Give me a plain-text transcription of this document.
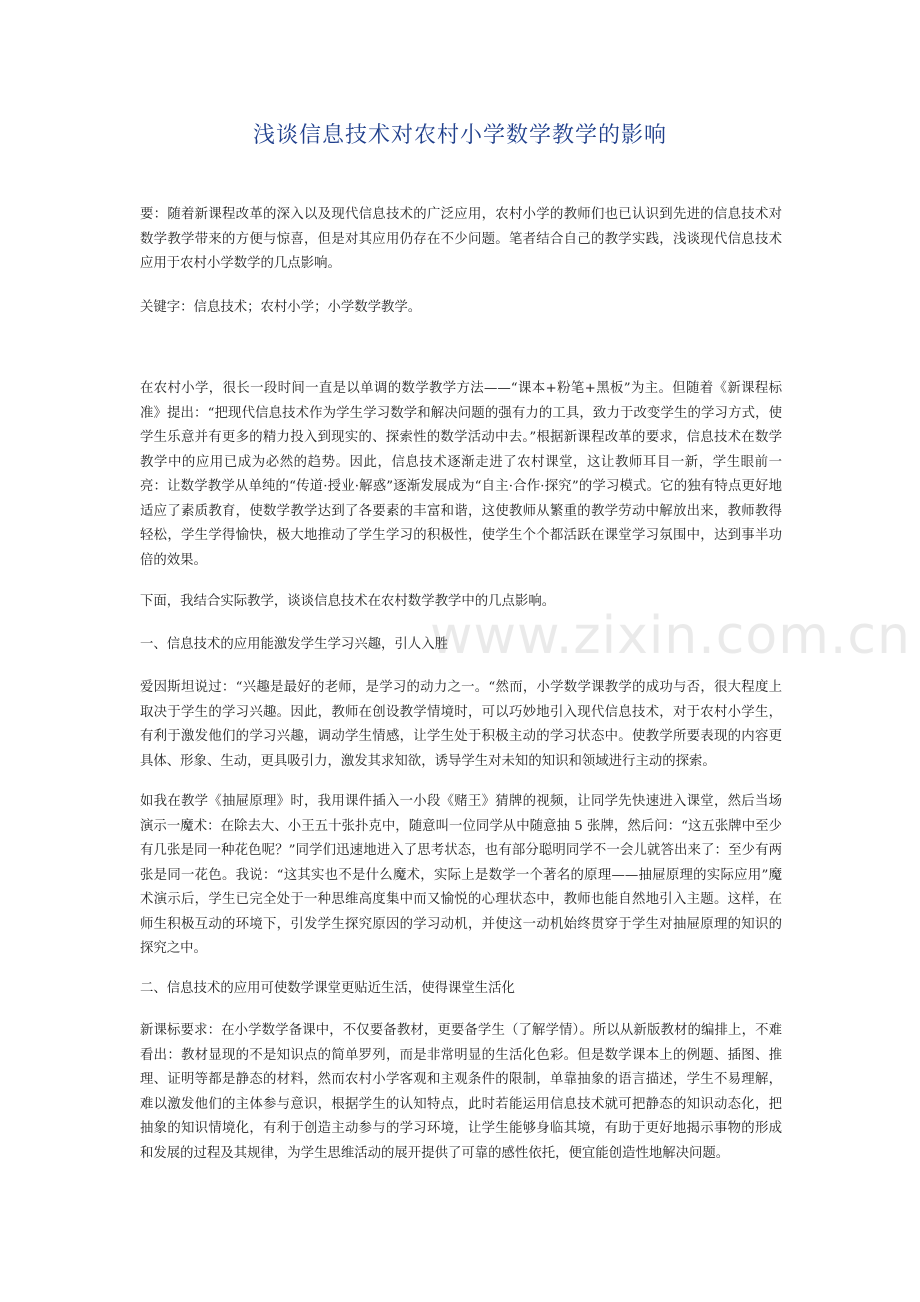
www.zixin.com.cn
浅谈信息技术对农村小学数学教学的影响

要：随着新课程改革的深入以及现代信息技术的广泛应用，农村小学的教师们也已认识到先进的信息技术对数学教学带来的方便与惊喜，但是对其应用仍存在不少问题。笔者结合自己的教学实践，浅谈现代信息技术应用于农村小学数学的几点影响。

关键字：信息技术；农村小学；小学数学教学。

在农村小学，很长一段时间一直是以单调的数学教学方法——“课本+粉笔+黑板”为主。但随着《新课程标准》提出：“把现代信息技术作为学生学习数学和解决问题的强有力的工具，致力于改变学生的学习方式，使学生乐意并有更多的精力投入到现实的、探索性的数学活动中去。”根据新课程改革的要求，信息技术在数学教学中的应用已成为必然的趋势。因此，信息技术逐渐走进了农村课堂，这让教师耳目一新，学生眼前一亮：让数学教学从单纯的“传道·授业·解惑”逐渐发展成为“自主·合作·探究”的学习模式。它的独有特点更好地适应了素质教育，使数学教学达到了各要素的丰富和谐，这使教师从繁重的教学劳动中解放出来，教师教得轻松，学生学得愉快，极大地推动了学生学习的积极性，使学生个个都活跃在课堂学习氛围中，达到事半功倍的效果。

下面，我结合实际教学，谈谈信息技术在农村数学教学中的几点影响。

一、信息技术的应用能激发学生学习兴趣，引人入胜

爱因斯坦说过：“兴趣是最好的老师，是学习的动力之一。“然而，小学数学课教学的成功与否，很大程度上取决于学生的学习兴趣。因此，教师在创设教学情境时，可以巧妙地引入现代信息技术，对于农村小学生，有利于激发他们的学习兴趣，调动学生情感，让学生处于积极主动的学习状态中。使教学所要表现的内容更具体、形象、生动，更具吸引力，激发其求知欲，诱导学生对未知的知识和领域进行主动的探索。

如我在教学《抽屉原理》时，我用课件插入一小段《赌王》猜牌的视频，让同学先快速进入课堂，然后当场演示一魔术：在除去大、小王五十张扑克中，随意叫一位同学从中随意抽 5 张牌，然后问：“这五张牌中至少有几张是同一种花色呢？”同学们迅速地进入了思考状态，也有部分聪明同学不一会儿就答出来了：至少有两张是同一花色。我说：“这其实也不是什么魔术，实际上是数学一个著名的原理——抽屉原理的实际应用”魔术演示后，学生已完全处于一种思维高度集中而又愉悦的心理状态中，教师也能自然地引入主题。这样，在师生积极互动的环境下，引发学生探究原因的学习动机，并使这一动机始终贯穿于学生对抽屉原理的知识的探究之中。

二、信息技术的应用可使数学课堂更贴近生活，使得课堂生活化

新课标要求：在小学数学备课中，不仅要备教材，更要备学生（了解学情）。所以从新版教材的编排上，不难看出：教材显现的不是知识点的简单罗列，而是非常明显的生活化色彩。但是数学课本上的例题、插图、推理、证明等都是静态的材料，然而农村小学客观和主观条件的限制，单靠抽象的语言描述，学生不易理解，难以激发他们的主体参与意识，根据学生的认知特点，此时若能运用信息技术就可把静态的知识动态化，把抽象的知识情境化，有利于创造主动参与的学习环境，让学生能够身临其境，有助于更好地揭示事物的形成和发展的过程及其规律，为学生思维活动的展开提供了可靠的感性依托，便宜能创造性地解决问题。
